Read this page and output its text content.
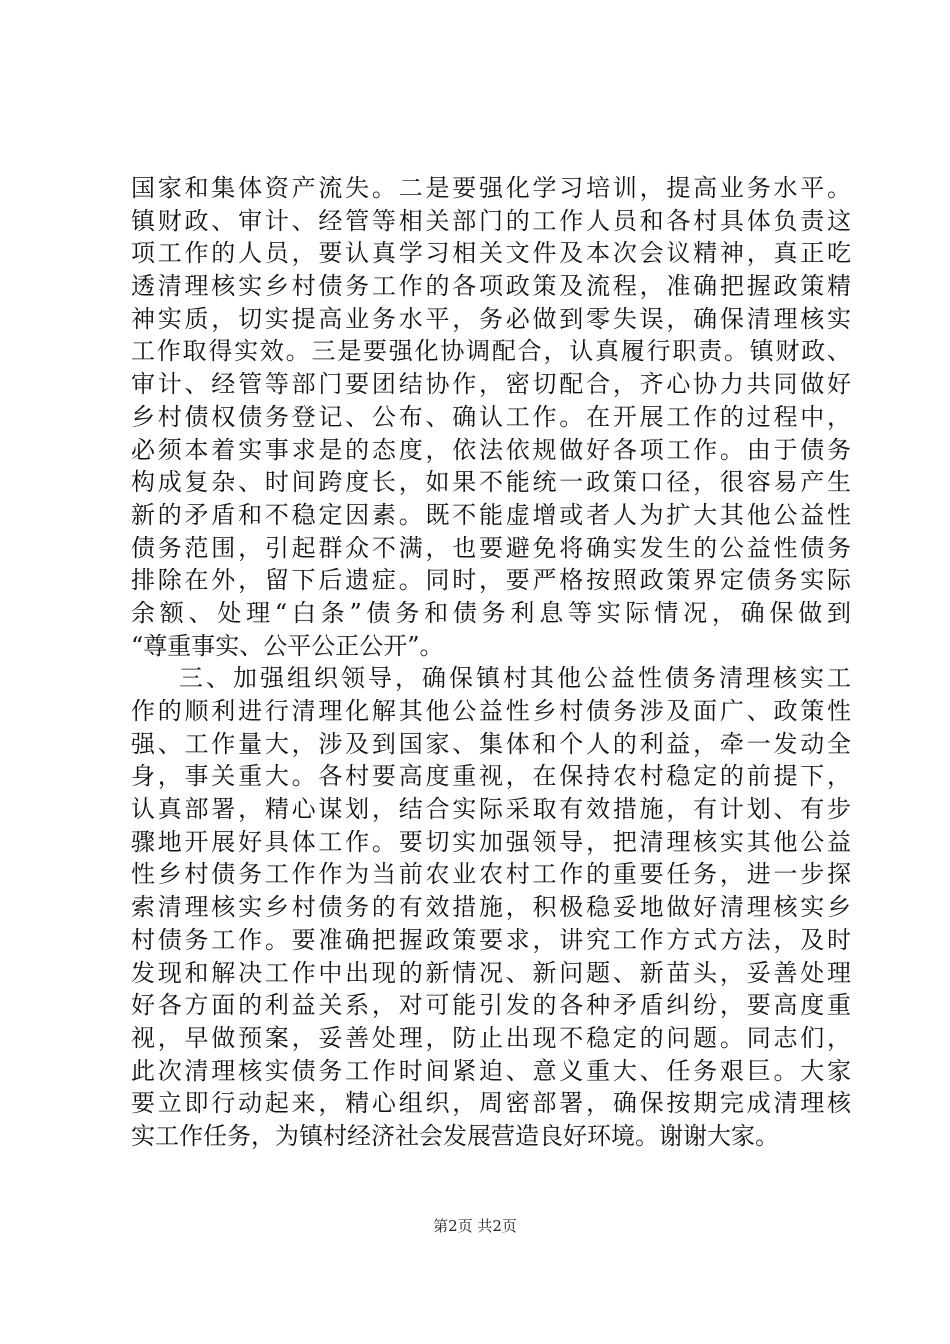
国家和集体资产流失。二是要强化学习培训，提高业务水平。
镇财政、审计、经管等相关部门的工作人员和各村具体负责这
项工作的人员，要认真学习相关文件及本次会议精神，真正吃
透清理核实乡村债务工作的各项政策及流程，准确把握政策精
神实质，切实提高业务水平，务必做到零失误，确保清理核实
工作取得实效。三是要强化协调配合，认真履行职责。镇财政、
审计、经管等部门要团结协作，密切配合，齐心协力共同做好
乡村债权债务登记、公布、确认工作。在开展工作的过程中，
必须本着实事求是的态度，依法依规做好各项工作。由于债务
构成复杂、时间跨度长，如果不能统一政策口径，很容易产生
新的矛盾和不稳定因素。既不能虚增或者人为扩大其他公益性
债务范围，引起群众不满，也要避免将确实发生的公益性债务
排除在外，留下后遗症。同时，要严格按照政策界定债务实际
余额、处理“白条”债务和债务利息等实际情况，确保做到
“尊重事实、公平公正公开”。
三、加强组织领导，确保镇村其他公益性债务清理核实工
作的顺利进行清理化解其他公益性乡村债务涉及面广、政策性
强、工作量大，涉及到国家、集体和个人的利益，牵一发动全
身，事关重大。各村要高度重视，在保持农村稳定的前提下，
认真部署，精心谋划，结合实际采取有效措施，有计划、有步
骤地开展好具体工作。要切实加强领导，把清理核实其他公益
性乡村债务工作作为当前农业农村工作的重要任务，进一步探
索清理核实乡村债务的有效措施，积极稳妥地做好清理核实乡
村债务工作。要准确把握政策要求，讲究工作方式方法，及时
发现和解决工作中出现的新情况、新问题、新苗头，妥善处理
好各方面的利益关系，对可能引发的各种矛盾纠纷，要高度重
视，早做预案，妥善处理，防止出现不稳定的问题。同志们，
此次清理核实债务工作时间紧迫、意义重大、任务艰巨。大家
要立即行动起来，精心组织，周密部署，确保按期完成清理核
实工作任务，为镇村经济社会发展营造良好环境。谢谢大家。
第2页 共2页
